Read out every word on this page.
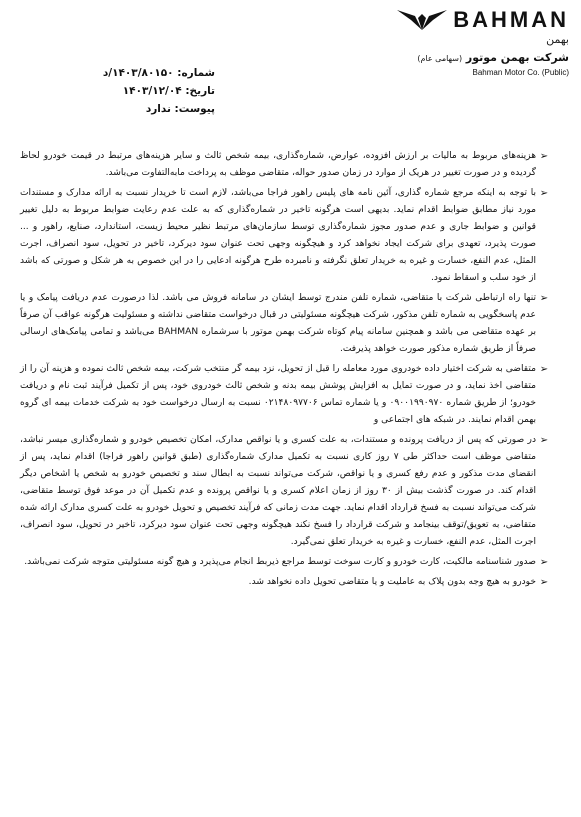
BAHMAN
بهمن
(سهامی عام) شرکت بهمن موتور
Bahman Motor Co. (Public)
شماره: ۱۴۰۳/۸۰۱۵۰/د
تاریخ: ۱۴۰۳/۱۲/۰۴
پیوست: ندارد
➢

هزینه‌های مربوط به مالیات بر ارزش افزوده، عوارض، شماره‌گذاری، بیمه شخص ثالث و سایر هزینه‌های مرتبط در قیمت خودرو لحاظ گردیده و در صورت تغییر در هریک از موارد در زمان صدور حواله، متقاضی موظف به پرداخت مابه‌التفاوت می‌باشد.

➢

با توجه به اینکه مرجع شماره گذاری، آئین نامه های پلیس راهور فراجا می‌باشد، لازم است تا خریدار نسبت به ارائه مدارک و مستندات مورد نیاز مطابق ضوابط اقدام نماید. بدیهی است هرگونه تاخیر در شماره‌گذاری که به علت عدم رعایت ضوابط مربوط به دلیل تغییر قوانین و ضوابط جاری و عدم صدور مجوز شماره‌گذاری توسط سازمان‌های مرتبط نظیر محیط زیست، استاندارد، صنایع، راهور و ... صورت پذیرد، تعهدی برای شرکت ایجاد نخواهد کرد و هیچگونه وجهی تحت عنوان سود دیرکرد، تاخیر در تحویل، سود انصراف، اجرت المثل، عدم النفع، خسارت و غیره به خریدار تعلق نگرفته و نامبرده طرح هرگونه ادعایی را در این خصوص به هر شکل و صورتی که باشد از خود سلب و اسقاط نمود.

➢

تنها راه ارتباطی شرکت با متقاضی، شماره تلفن مندرج توسط ایشان در سامانه فروش می باشد. لذا درصورت عدم دریافت پیامک و یا عدم پاسخگویی به شماره تلفن مذکور، شرکت هیچگونه مسئولیتی در قبال درخواست متقاضی نداشته و مسئولیت هرگونه عواقب آن صرفاً بر عهده متقاضی می باشد و همچنین سامانه پیام کوتاه شرکت بهمن موتور با سرشماره BAHMAN می‌باشد و تمامی پیامک‌های ارسالی صرفاً از طریق شماره مذکور صورت خواهد پذیرفت.

➢

متقاضی به شرکت اختیار داده خودروی مورد معامله را قبل از تحویل، نزد بیمه گر منتخب شرکت، بیمه شخص ثالث نموده و هزینه آن را از متقاضی اخذ نماید، و در صورت تمایل به افزایش پوشش بیمه بدنه و شخص ثالث خودروی خود، پس از تکمیل فرآیند ثبت نام و دریافت خودرو؛ از طریق شماره ۰۹۰۰۱۹۹۰۹۷۰ و یا شماره تماس ۰۲۱۴۸۰۹۷۷۰۶ نسبت به ارسال درخواست خود به شرکت خدمات بیمه ای گروه بهمن اقدام نمایند. در شبکه های اجتماعی و

➢

در صورتی که پس از دریافت پرونده و مستندات، به علت کسری و یا نواقص مدارک، امکان تخصیص خودرو و شماره‌گذاری میسر نباشد، متقاضی موظف است حداکثر طی ۷ روز کاری نسبت به تکمیل مدارک شماره‌گذاری (طبق قوانین راهور فراجا) اقدام نماید، پس از انقضای مدت مذکور و عدم رفع کسری و یا نواقص، شرکت می‌تواند نسبت به ابطال سند و تخصیص خودرو به شخص یا اشخاص دیگر اقدام کند. در صورت گذشت بیش از ۳۰ روز از زمان اعلام کسری و یا نواقص پرونده و عدم تکمیل آن در موعد فوق توسط متقاضی، شرکت می‌تواند نسبت به فسخ قرارداد اقدام نماید. جهت مدت زمانی که فرآیند تخصیص و تحویل خودرو به علت کسری مدارک ارائه شده متقاضی، به تعویق/توقف بینجامد و شرکت قرارداد را فسخ نکند هیچگونه وجهی تحت عنوان سود دیرکرد، تاخیر در تحویل، سود انصراف، اجرت المثل، عدم النفع، خسارت و غیره به خریدار تعلق نمی‌گیرد.

➢

صدور شناسنامه مالکیت، کارت خودرو و کارت سوخت توسط مراجع ذیربط انجام می‌پذیرد و هیچ گونه مسئولیتی متوجه شرکت نمی‌باشد.

➢

خودرو به هیچ وجه بدون پلاک به عاملیت و یا متقاضی تحویل داده نخواهد شد.
